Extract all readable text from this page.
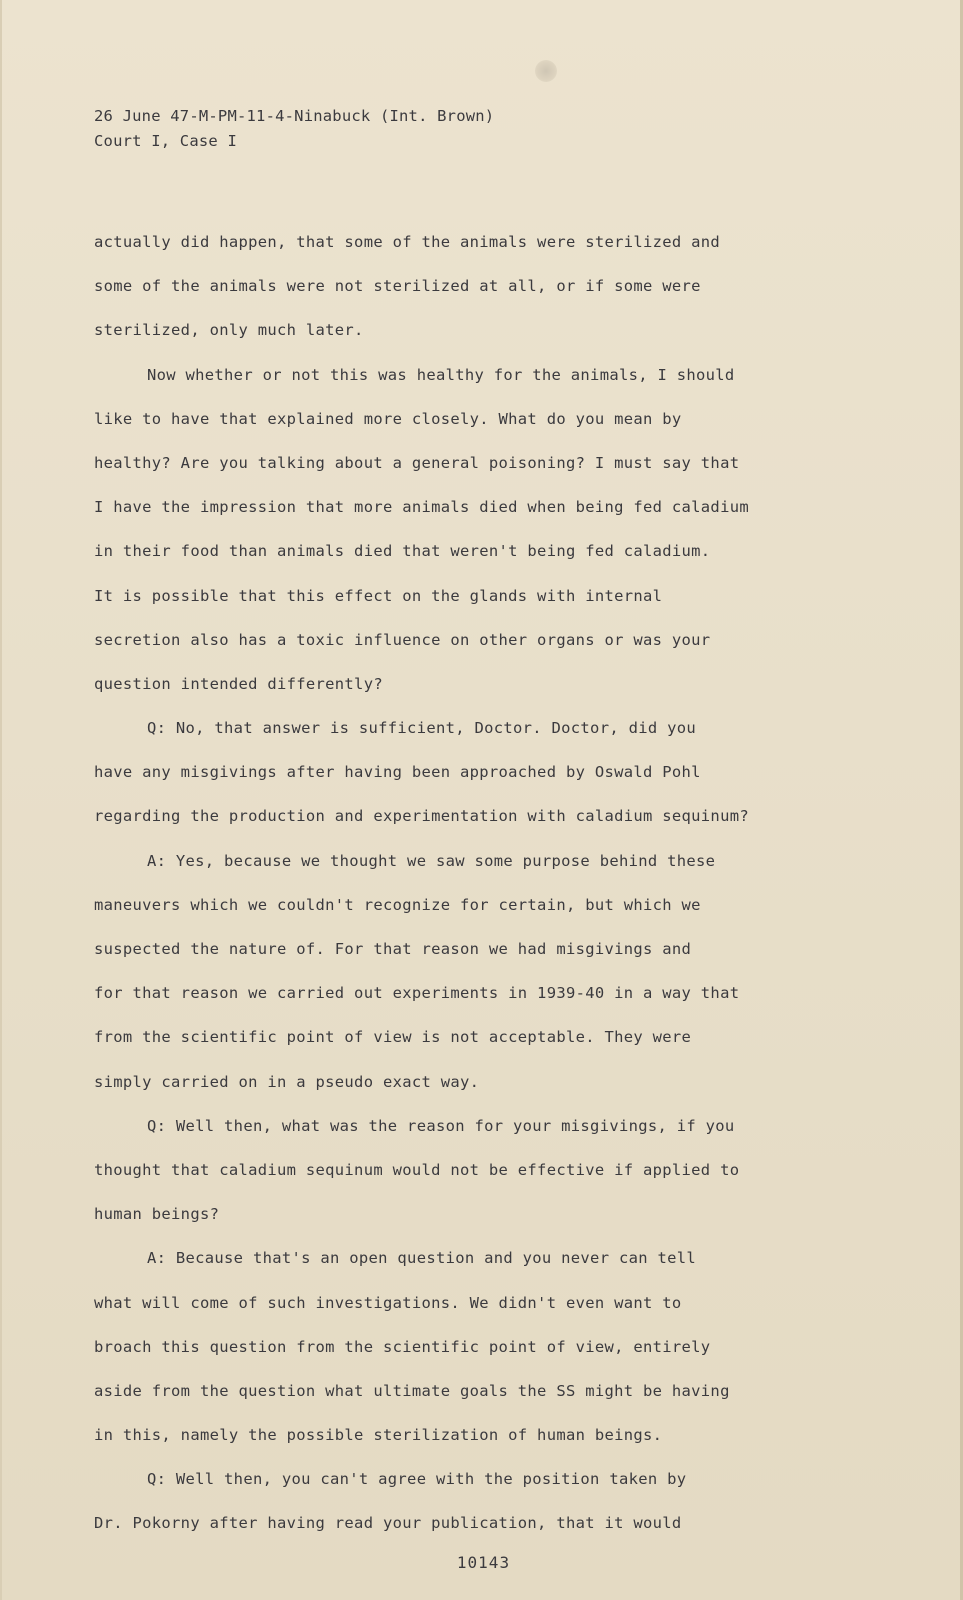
26 June 47-M-PM-11-4-Ninabuck (Int. Brown)
Court I, Case I
actually did happen, that some of the animals were sterilized and
some of the animals were not sterilized at all, or if some were
sterilized, only much later.
Now whether or not this was healthy for the animals, I should
like to have that explained more closely. What do you mean by
healthy? Are you talking about a general poisoning? I must say that
I have the impression that more animals died when being fed caladium
in their food than animals died that weren't being fed caladium.
It is possible that this effect on the glands with internal
secretion also has a toxic influence on other organs or was your
question intended differently?
Q: No, that answer is sufficient, Doctor. Doctor, did you
have any misgivings after having been approached by Oswald Pohl
regarding the production and experimentation with caladium sequinum?
A: Yes, because we thought we saw some purpose behind these
maneuvers which we couldn't recognize for certain, but which we
suspected the nature of. For that reason we had misgivings and
for that reason we carried out experiments in 1939-40 in a way that
from the scientific point of view is not acceptable. They were
simply carried on in a pseudo exact way.
Q: Well then, what was the reason for your misgivings, if you
thought that caladium sequinum would not be effective if applied to
human beings?
A: Because that's an open question and you never can tell
what will come of such investigations. We didn't even want to
broach this question from the scientific point of view, entirely
aside from the question what ultimate goals the SS might be having
in this, namely the possible sterilization of human beings.
Q: Well then, you can't agree with the position taken by
Dr. Pokorny after having read your publication, that it would
10143
